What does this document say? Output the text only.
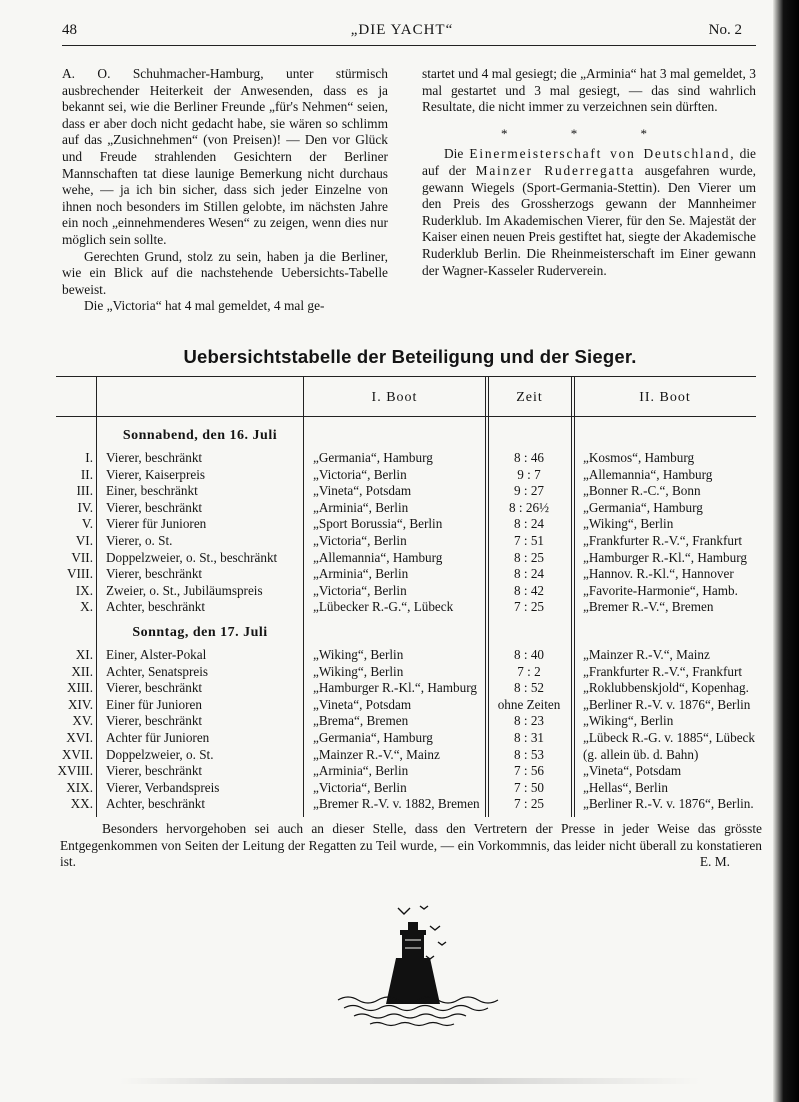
48	„DIE YACHT“	No. 2

A. O. Schuhmacher-Hamburg, unter stürmisch ausbrechender Heiterkeit der Anwesenden, dass es ja bekannt sei, wie die Berliner Freunde „für's Nehmen“ seien, dass er aber doch nicht gedacht habe, sie wären so schlimm auf das „Zusichnehmen“ (von Preisen)! — Den vor Glück und Freude strahlenden Gesichtern der Berliner Mannschaften tat diese launige Bemerkung nicht durchaus wehe, — ja ich bin sicher, dass sich jeder Einzelne von ihnen noch besonders im Stillen gelobte, im nächsten Jahre ein noch „einnehmenderes Wesen“ zu zeigen, wenn dies nur möglich sein sollte.

Gerechten Grund, stolz zu sein, haben ja die Berliner, wie ein Blick auf die nachstehende Uebersichts-Tabelle beweist.

Die „Victoria“ hat 4 mal gemeldet, 4 mal ge-

startet und 4 mal gesiegt; die „Arminia“ hat 3 mal gemeldet, 3 mal gestartet und 3 mal gesiegt, — das sind wahrlich Resultate, die nicht immer zu verzeichnen sein dürften.

* * *

Die Einermeisterschaft von Deutschland, die auf der Mainzer Ruderregatta ausgefahren wurde, gewann Wiegels (Sport-Germania-Stettin). Den Vierer um den Preis des Grossherzogs gewann der Mannheimer Ruderklub. Im Akademischen Vierer, für den Se. Majestät der Kaiser einen neuen Preis gestiftet hat, siegte der Akademische Ruderklub Berlin. Die Rheinmeisterschaft im Einer gewann der Wagner-Kasseler Ruderverein.

Uebersichtstabelle der Beteiligung und der Sieger.
I. Boot	Zeit	II. Boot
Sonnabend, den 16. Juli
I. Vierer, beschränkt	„Germania“, Hamburg	8 : 46	„Kosmos“, Hamburg
II. Vierer, Kaiserpreis	„Victoria“, Berlin	9 : 7	„Allemannia“, Hamburg
III. Einer, beschränkt	„Vineta“, Potsdam	9 : 27	„Bonner R.-C.“, Bonn
IV. Vierer, beschränkt	„Arminia“, Berlin	8 : 26½	„Germania“, Hamburg
V. Vierer für Junioren	„Sport Borussia“, Berlin	8 : 24	„Wiking“, Berlin
VI. Vierer, o. St.	„Victoria“, Berlin	7 : 51	„Frankfurter R.-V.“, Frankfurt
VII. Doppelzweier, o. St., beschränkt	„Allemannia“, Hamburg	8 : 25	„Hamburger R.-Kl.“, Hamburg
VIII. Vierer, beschränkt	„Arminia“, Berlin	8 : 24	„Hannov. R.-Kl.“, Hannover
IX. Zweier, o. St., Jubiläumspreis	„Victoria“, Berlin	8 : 42	„Favorite-Harmonie“, Hamb.
X. Achter, beschränkt	„Lübecker R.-G.“, Lübeck	7 : 25	„Bremer R.-V.“, Bremen
Sonntag, den 17. Juli
XI. Einer, Alster-Pokal	„Wiking“, Berlin	8 : 40	„Mainzer R.-V.“, Mainz
XII. Achter, Senatspreis	„Wiking“, Berlin	7 : 2	„Frankfurter R.-V.“, Frankfurt
XIII. Vierer, beschränkt	„Hamburger R.-Kl.“, Hamburg	8 : 52	„Roklubbenskjold“, Kopenhag.
XIV. Einer für Junioren	„Vineta“, Potsdam	ohne Zeiten	„Berliner R.-V. v. 1876“, Berlin
XV. Vierer, beschränkt	„Brema“, Bremen	8 : 23	„Wiking“, Berlin
XVI. Achter für Junioren	„Germania“, Hamburg	8 : 31	„Lübeck R.-G. v. 1885“, Lübeck
XVII. Doppelzweier, o. St.	„Mainzer R.-V.“, Mainz	8 : 53	(g. allein üb. d. Bahn)
XVIII. Vierer, beschränkt	„Arminia“, Berlin	7 : 56	„Vineta“, Potsdam
XIX. Vierer, Verbandspreis	„Victoria“, Berlin	7 : 50	„Hellas“, Berlin
XX. Achter, beschränkt	„Bremer R.-V. v. 1882, Bremen	7 : 25	„Berliner R.-V. v. 1876“, Berlin.

Besonders hervorgehoben sei auch an dieser Stelle, dass den Vertretern der Presse in jeder Weise das grösste Entgegenkommen von Seiten der Leitung der Regatten zu Teil wurde, — ein Vorkommnis, das leider nicht überall zu konstatieren ist.	E. M.
